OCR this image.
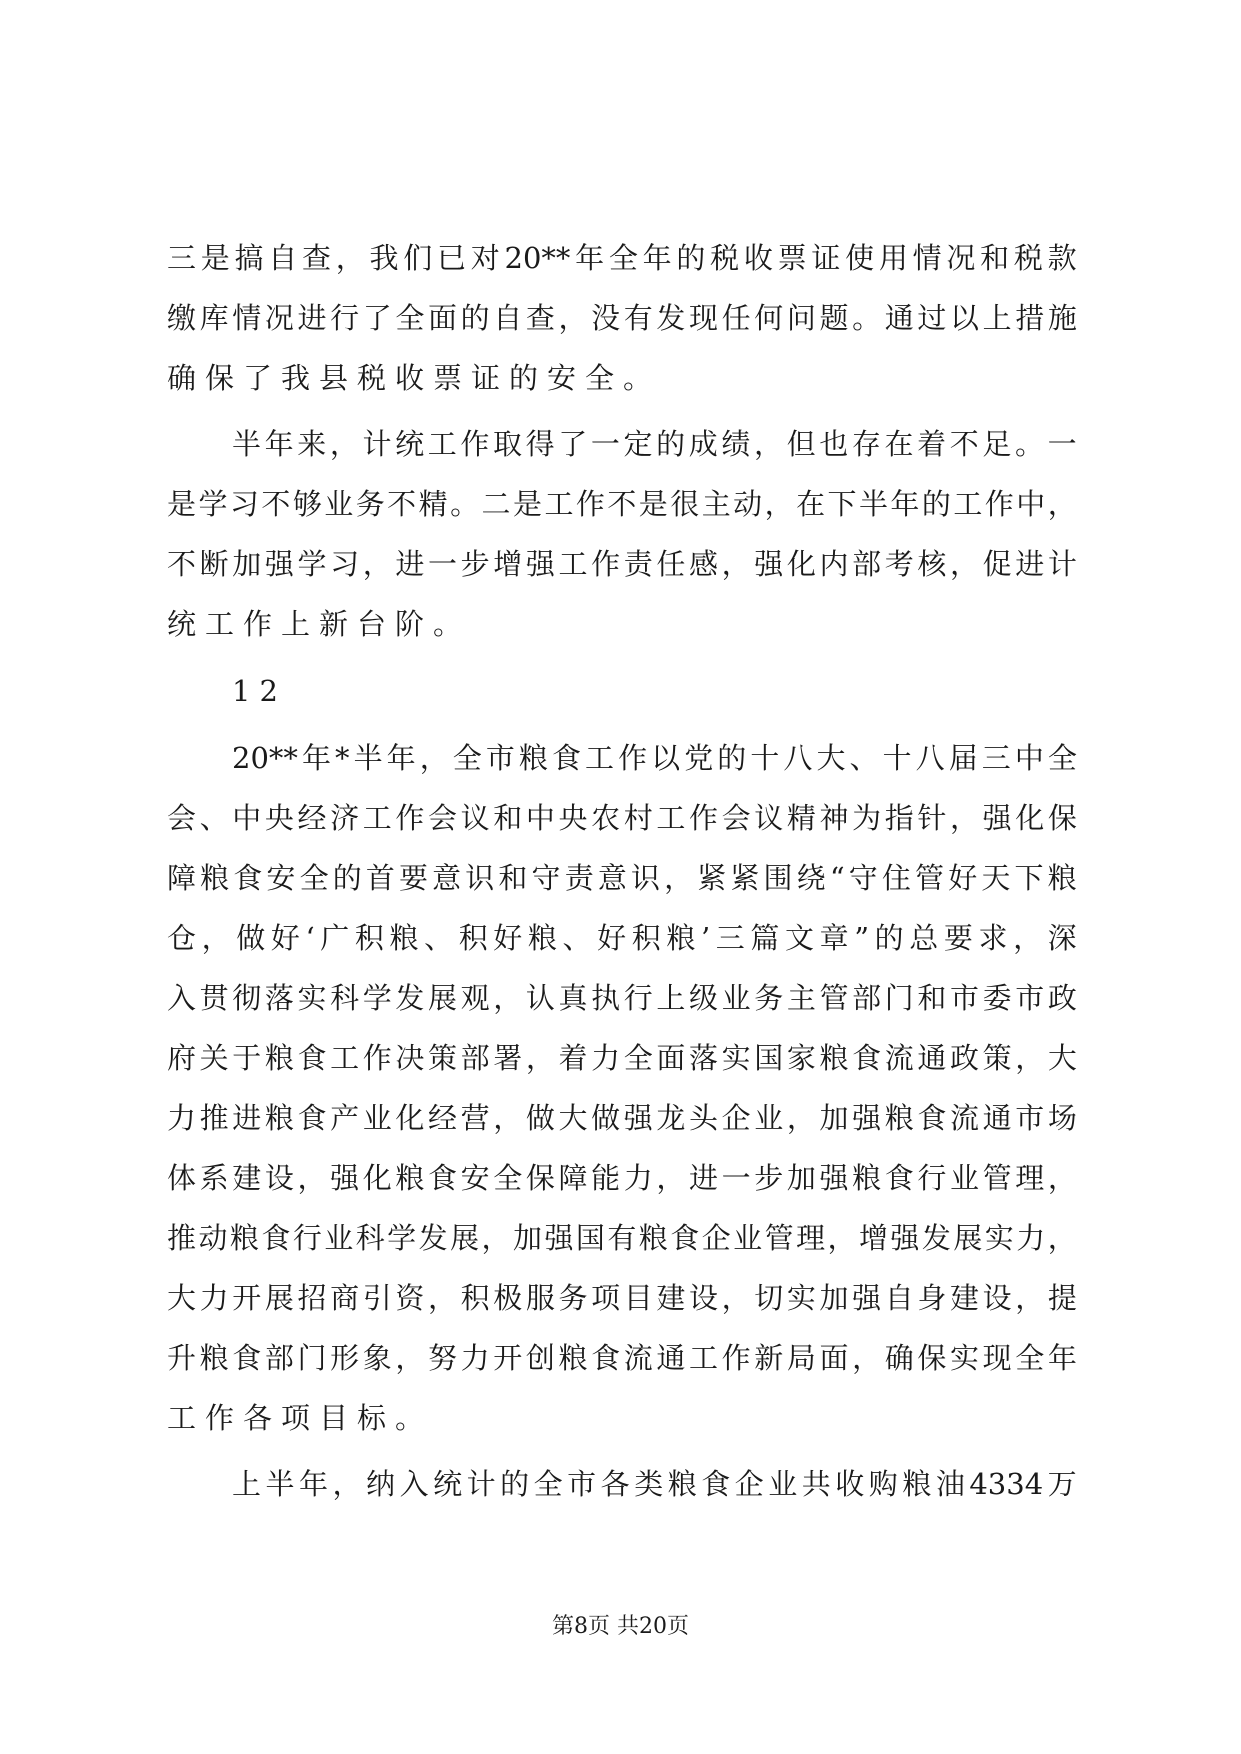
三 是 搞 自 查 ， 我 们 已 对 20** 年 全 年 的 税 收 票 证 使 用 情 况 和 税 款
缴 库 情 况 进 行 了 全 面 的 自 查 ， 没 有 发 现 任 何 问 题 。 通 过 以 上 措 施
确保了我县税收票证的安全。
半 年 来 ， 计 统 工 作 取 得 了 一 定 的 成 绩 ， 但 也 存 在 着 不 足 。 一
是 学 习 不 够 业 务 不 精 。 二 是 工 作 不 是 很 主 动 ， 在 下 半 年 的 工 作 中 ，
不 断 加 强 学 习 ， 进 一 步 增 强 工 作 责 任 感 ， 强 化 内 部 考 核 ， 促 进 计
统工作上新台阶。
12
20** 年 * 半 年 ， 全 市 粮 食 工 作 以 党 的 十 八 大 、 十 八 届 三 中 全
会 、 中 央 经 济 工 作 会 议 和 中 央 农 村 工 作 会 议 精 神 为 指 针 ， 强 化 保
障 粮 食 安 全 的 首 要 意 识 和 守 责 意 识 ， 紧 紧 围 绕 “ 守 住 管 好 天 下 粮
仓 ， 做 好 ‘ 广 积 粮 、 积 好 粮 、 好 积 粮 ’ 三 篇 文 章 ” 的 总 要 求 ， 深
入 贯 彻 落 实 科 学 发 展 观 ， 认 真 执 行 上 级 业 务 主 管 部 门 和 市 委 市 政
府 关 于 粮 食 工 作 决 策 部 署 ， 着 力 全 面 落 实 国 家 粮 食 流 通 政 策 ， 大
力 推 进 粮 食 产 业 化 经 营 ， 做 大 做 强 龙 头 企 业 ， 加 强 粮 食 流 通 市 场
体 系 建 设 ， 强 化 粮 食 安 全 保 障 能 力 ， 进 一 步 加 强 粮 食 行 业 管 理 ，
推 动 粮 食 行 业 科 学 发 展 ， 加 强 国 有 粮 食 企 业 管 理 ， 增 强 发 展 实 力 ，
大 力 开 展 招 商 引 资 ， 积 极 服 务 项 目 建 设 ， 切 实 加 强 自 身 建 设 ， 提
升 粮 食 部 门 形 象 ， 努 力 开 创 粮 食 流 通 工 作 新 局 面 ， 确 保 实 现 全 年
工作各项目标。
上 半 年 ， 纳 入 统 计 的 全 市 各 类 粮 食 企 业 共 收 购 粮 油 4334 万
第8页 共20页
